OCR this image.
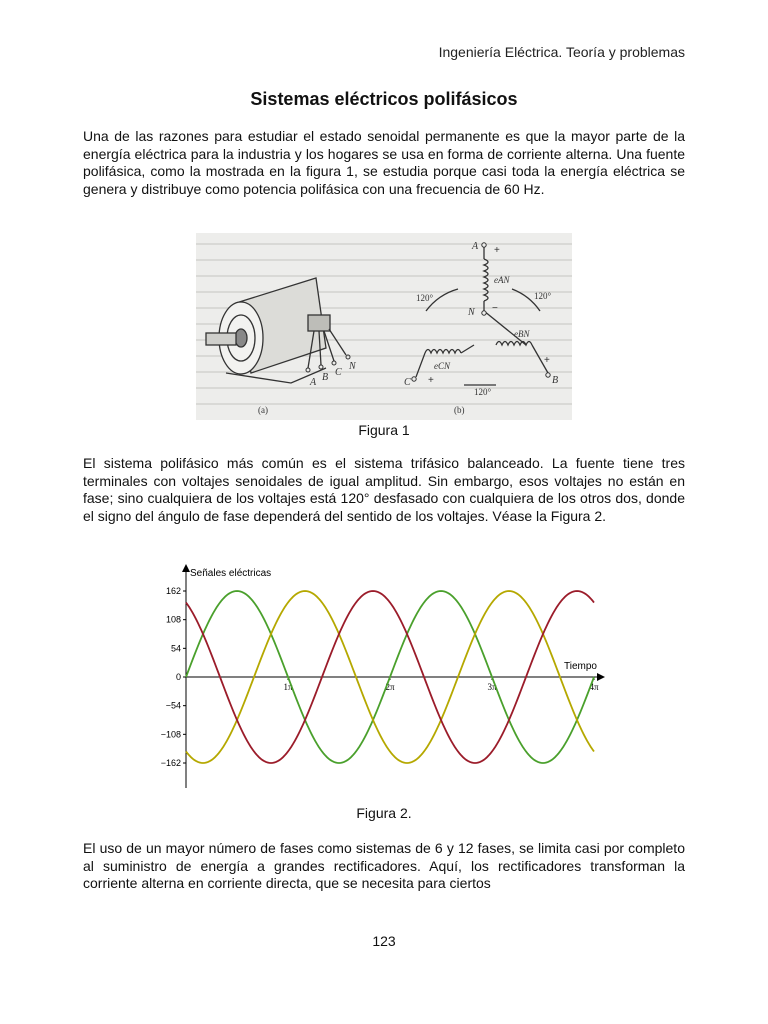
Ingeniería Eléctrica. Teoría y problemas
Sistemas eléctricos polifásicos

Una de las razones para estudiar el estado senoidal permanente es que la mayor parte de la energía eléctrica para la industria y los hogares se usa en forma de corriente alterna. Una fuente polifásica, como la mostrada en la figura 1, se estudia porque casi toda la energía eléctrica se genera y distribuye como potencia polifásica con una frecuencia de 60 Hz.

A B C
N
(a)
A
N
B
C
eAN
eBN
eCN
+
−
+
+
120°	120°
120°
(b)
Figura 1

El sistema polifásico más común es el sistema trifásico balanceado. La fuente tiene tres terminales con voltajes senoidales de igual amplitud. Sin embargo, esos voltajes no están en fase; sino cualquiera de los voltajes está 120° desfasado con cualquiera de los otros dos, donde el signo del ángulo de fase dependerá del sentido de los voltajes. Véase la Figura 2.

Señales eléctricas
Tiempo
162
108
54
0
−54
−108
−162
1π	2π	3π	4π
Figura 2.

El uso de un mayor número de fases como sistemas de 6 y 12 fases, se limita casi por completo al suministro de energía a grandes rectificadores. Aquí, los rectificadores transforman la corriente alterna en corriente directa, que se necesita para ciertos

123
